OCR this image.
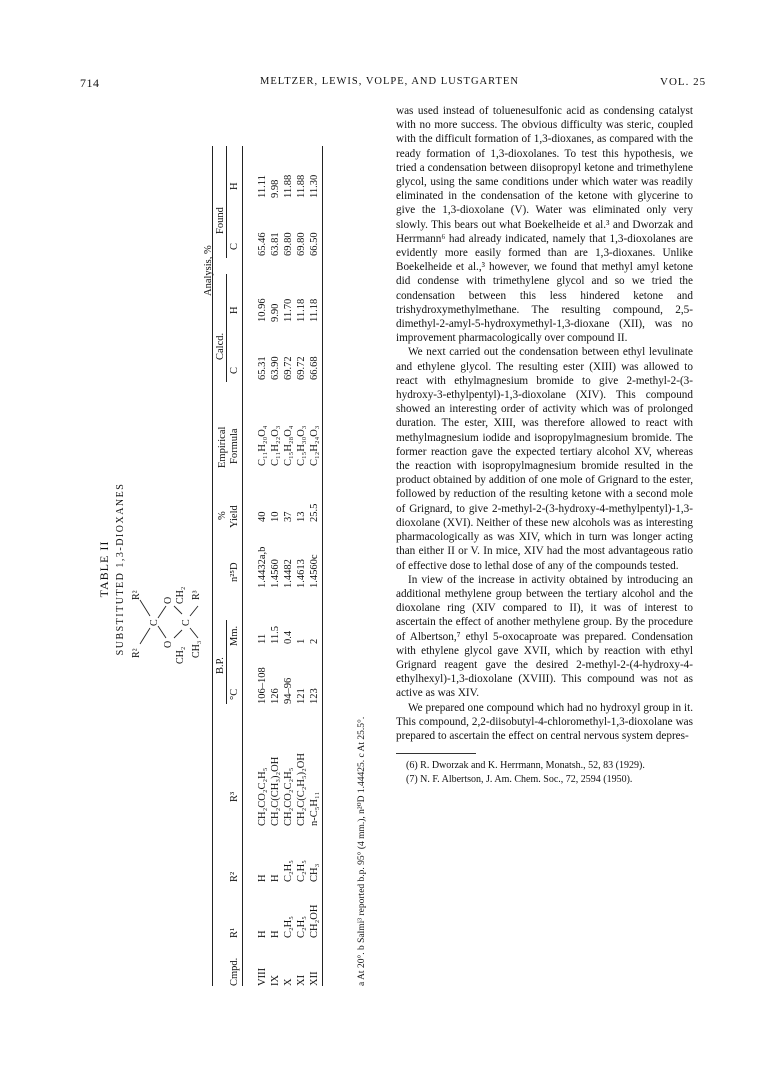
714	MELTZER, LEWIS, VOLPE, AND LUSTGARTEN	VOL. 25
TABLE II SUBSTITUTED 1,3-DIOXANES R²
R²
C
O
O
CH₂
CH₂
C
CH₃
R³
Cmpd.
R¹
R²
R³
B.P.
°C
Mm.
n²⁵D
% Yield
Empirical Formula
Analysis, %
Calcd.
Found
C
H
C
H
VIII
H
H
CH₂CO₂C₂H₅
106–108
11
1.4432a,b
40
C₁₁H₂₀O₄
65.31
10.96
65.46
11.11
IX
H
H
CH₂C(CH₃)₂OH
126
11.5
1.4560
10
C₁₁H₂₂O₃
63.90
9.90
63.81
9.98
X
C₂H₅
C₂H₅
CH₂CO₂C₂H₅
94–96
0.4
1.4482
37
C₁₅H₂₈O₄
69.72
11.70
69.80
11.88
XI
C₂H₅
C₂H₅
CH₂C(C₂H₅)₂OH
121
1
1.4613
13
C₁₅H₃₀O₃
69.72
11.18
69.80
11.88
XII
CH₂OH
CH₃
n-C₅H₁₁
123
2
1.4560c
25.5
C₁₂H₂₄O₃
66.68
11.18
66.50
11.30
a At 20°. b Salmi³ reported b.p. 95° (4 mm.), n²⁰D 1.44425. c At 25.5°.

was used instead of toluenesulfonic acid as condensing catalyst with no more success. The obvious difficulty was steric, coupled with the difficult formation of 1,3-dioxanes, as compared with the ready formation of 1,3-dioxolanes. To test this hypothesis, we tried a condensation between diisopropyl ketone and trimethylene glycol, using the same conditions under which water was readily eliminated in the condensation of the ketone with glycerine to give the 1,3-dioxolane (V). Water was eliminated only very slowly. This bears out what Boekelheide et al.³ and Dworzak and Herrmann⁶ had already indicated, namely that 1,3-dioxolanes are evidently more easily formed than are 1,3-dioxanes. Unlike Boekelheide et al.,³ however, we found that methyl amyl ketone did condense with trimethylene glycol and so we tried the condensation between this less hindered ketone and trishydroxymethylmethane. The resulting compound, 2,5-dimethyl-2-amyl-5-hydroxymethyl-1,3-dioxane (XII), was no improvement pharmacologically over compound II.

We next carried out the condensation between ethyl levulinate and ethylene glycol. The resulting ester (XIII) was allowed to react with ethylmagnesium bromide to give 2-methyl-2-(3-hydroxy-3-ethylpentyl)-1,3-dioxolane (XIV). This compound showed an interesting order of activity which was of prolonged duration. The ester, XIII, was therefore allowed to react with methylmagnesium iodide and isopropylmagnesium bromide. The former reaction gave the expected tertiary alcohol XV, whereas the reaction with isopropylmagnesium bromide resulted in the product obtained by addition of one mole of Grignard to the ester, followed by reduction of the resulting ketone with a second mole of Grignard, to give 2-methyl-2-(3-hydroxy-4-methylpentyl)-1,3-dioxolane (XVI). Neither of these new alcohols was as interesting pharmacologically as was XIV, which in turn was longer acting than either II or V. In mice, XIV had the most advantageous ratio of effective dose to lethal dose of any of the compounds tested.

In view of the increase in activity obtained by introducing an additional methylene group between the tertiary alcohol and the dioxolane ring (XIV compared to II), it was of interest to ascertain the effect of another methylene group. By the procedure of Albertson,⁷ ethyl 5-oxocaproate was prepared. Condensation with ethylene glycol gave XVII, which by reaction with ethyl Grignard reagent gave the desired 2-methyl-2-(4-hydroxy-4-ethylhexyl)-1,3-dioxolane (XVIII). This compound was not as active as was XIV.

We prepared one compound which had no hydroxyl group in it. This compound, 2,2-diisobutyl-4-chloromethyl-1,3-dioxolane was prepared to ascertain the effect on central nervous system depres-

(6) R. Dworzak and K. Herrmann, Monatsh., 52, 83 (1929).

(7) N. F. Albertson, J. Am. Chem. Soc., 72, 2594 (1950).
